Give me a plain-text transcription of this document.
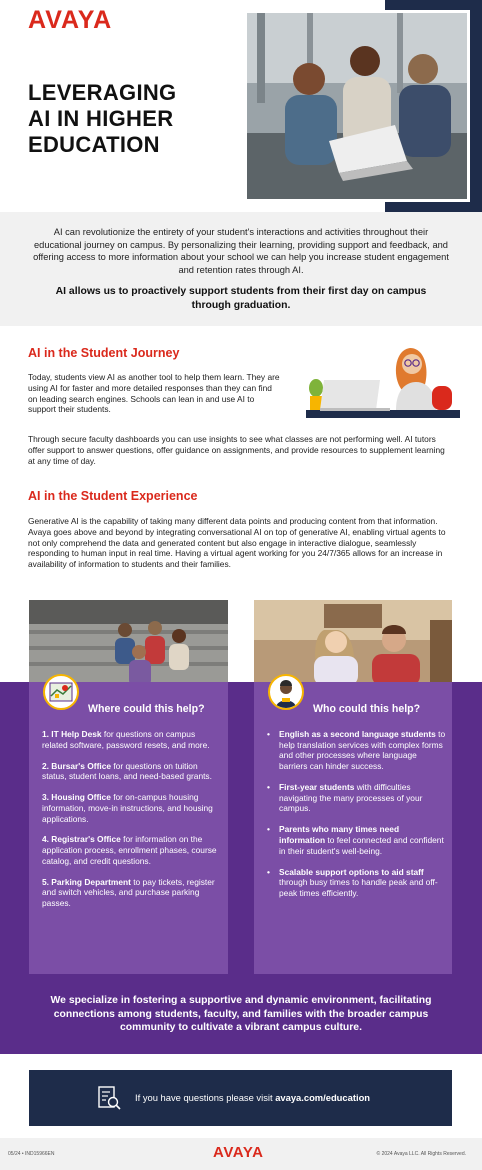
AVAYA
LEVERAGING
AI IN HIGHER
EDUCATION

AI can revolutionize the entirety of your student's interactions and activities throughout their educational journey on campus. By personalizing their learning, providing support and feedback, and offering access to more information about your school we can help you increase student engagement and retention rates through AI.

AI allows us to proactively support students from their first day on campus through graduation.

AI in the Student Journey

Today, students view AI as another tool to help them learn. They are using AI for faster and more detailed responses than they can find on leading search engines. Schools can lean in and use AI to support their students.

Through secure faculty dashboards you can use insights to see what classes are not performing well. AI tutors offer support to answer questions, offer guidance on assignments, and provide resources to supplement learning at any time of day.

AI in the Student Experience

Generative AI is the capability of taking many different data points and producing content from that information. Avaya goes above and beyond by integrating conversational AI on top of generative AI, enabling virtual agents to not only comprehend the data and generated content but also engage in interactive dialogue, seamlessly responding to human input in real time. Having a virtual agent working for you 24/7/365 allows for an increase in availability of information to students and their families.

Where could this help?
1. IT Help Desk for questions on campus related software, password resets, and more.
2. Bursar's Office for questions on tuition status, student loans, and need-based grants.
3. Housing Office for on-campus housing information, move-in instructions, and housing applications.
4. Registrar's Office for information on the application process, enrollment phases, course catalog, and credit questions.
5. Parking Department to pay tickets, register and switch vehicles, and purchase parking passes.
Who could this help?
• English as a second language students to help translation services with complex forms and other processes where language barriers can hinder success.
• First-year students with difficulties navigating the many processes of your campus.
• Parents who many times need information to feel connected and confident in their student's well-being.
• Scalable support options to aid staff through busy times to handle peak and off-peak times efficiently.

We specialize in fostering a supportive and dynamic environment, facilitating connections among students, faculty, and families with the broader campus community to cultivate a vibrant campus culture.

If you have questions please visit avaya.com/education
05/24 • IND15966EN	AVAYA	© 2024 Avaya LLC. All Rights Reserved.
